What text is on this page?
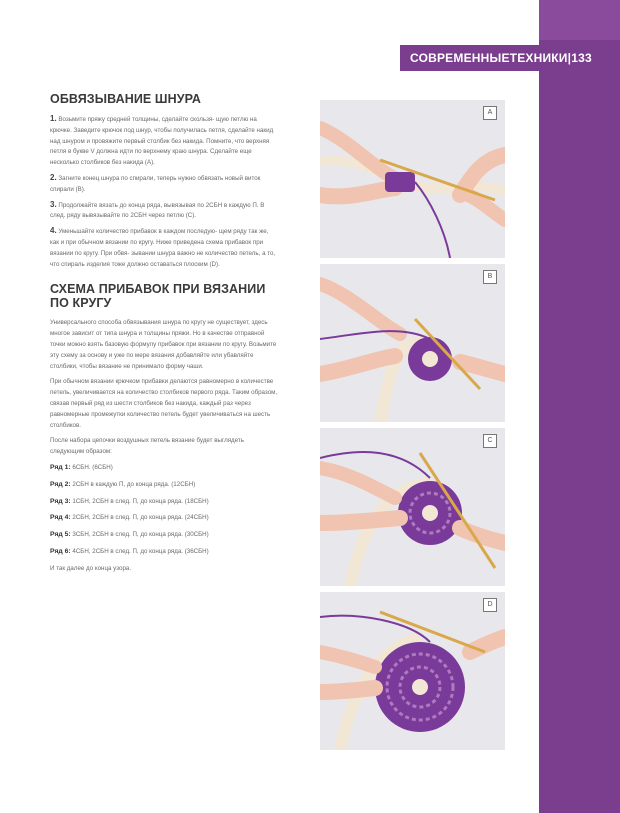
СОВРЕМЕННЫЕТЕХНИКИ|133
ОБВЯЗЫВАНИЕ ШНУРА

1. Возьмите пряжу средней толщины, сделайте скользя- щую петлю на крючке. Заведите крючок под шнур, чтобы получилась петля, сделайте накид над шнуром и провяжите первый столбик без накида. Помните, что верхняя петля в букве V должна идти по верхнему краю шнура. Сделайте еще несколько столбиков без накида (А).

2. Загните конец шнура по спирали, теперь нужно обвязать новый виток спирали (В).

3. Продолжайте вязать до конца ряда, вывязывая по 2СБН в каждую П. В след. ряду вывязывайте по 2СБН через петлю (С).

4. Уменьшайте количество прибавок в каждом последую- щем ряду так же, как и при обычном вязании по кругу. Ниже приведена схема прибавок при вязании по кругу. При обвя- зывании шнура важно не количество петель, а то, что спираль изделия тоже должно оставаться плоским (D).

СХЕМА ПРИБАВОК ПРИ ВЯЗАНИИ ПО КРУГУ

Универсального способа обвязывания шнура по кругу не существует, здесь многое зависит от типа шнура и толщины пряжи. Но в качестве отправной точки можно взять базовую формулу прибавок при вязании по кругу. Возьмите эту схему за основу и уже по мере вязания добавляйте или убавляйте столбики, чтобы вязание не принимало форму чаши.

При обычном вязании крючком прибавки делаются равномерно в количестве петель, увеличивается на количество столбиков первого ряда. Таким образом, связав первый ряд из шести столбиков без накида, каждый раз через равномерные промежутки количество петель будет увеличиваться на шесть столбиков.

После набора цепочки воздушных петель вязание будет выглядеть следующим образом:

Ряд 1: 6СБН. (6СБН)

Ряд 2: 2СБН в каждую П, до конца ряда. (12СБН)

Ряд 3: 1СБН, 2СБН в след. П, до конца ряда. (18СБН)

Ряд 4: 2СБН, 2СБН в след. П, до конца ряда. (24СБН)

Ряд 5: 3СБН, 2СБН в след. П, до конца ряда. (30СБН)

Ряд 6: 4СБН, 2СБН в след. П, до конца ряда. (36СБН)

И так далее до конца узора.

A
B
C
D
